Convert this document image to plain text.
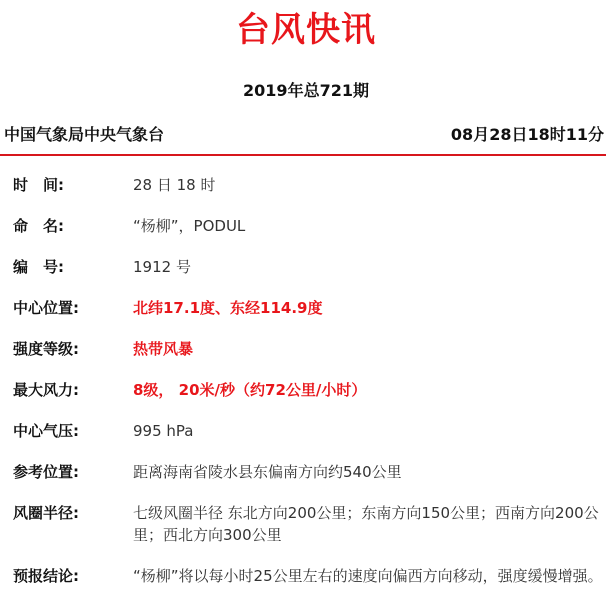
台风快讯
2019年总721期
中国气象局中央气象台	08月28日18时11分
时　间:	28 日 18 时
命　名:	“杨柳”，PODUL
编　号:	1912 号
中心位置:	北纬17.1度、东经114.9度
强度等级:	热带风暴
最大风力:	8级， 20米/秒（约72公里/小时）
中心气压:	995 hPa
参考位置:	距离海南省陵水县东偏南方向约540公里
风圈半径:	七级风圈半径 东北方向200公里；东南方向150公里；西南方向200公里；西北方向300公里
预报结论:	“杨柳”将以每小时25公里左右的速度向偏西方向移动，强度缓慢增强。
